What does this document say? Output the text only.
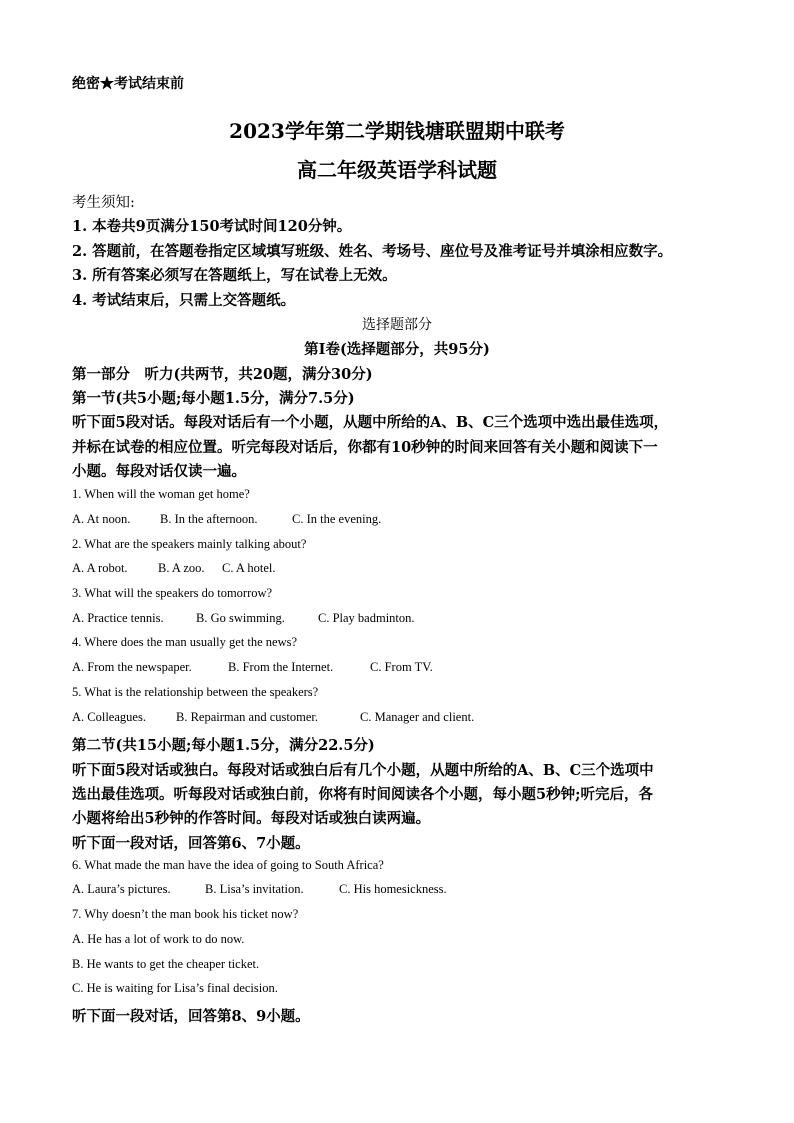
绝密★考试结束前
2023学年第二学期钱塘联盟期中联考
高二年级英语学科试题
考生须知:
1. 本卷共9页满分150考试时间120分钟。
2. 答题前，在答题卷指定区域填写班级、姓名、考场号、座位号及准考证号并填涂相应数字。
3. 所有答案必须写在答题纸上，写在试卷上无效。
4. 考试结束后，只需上交答题纸。
选择题部分
第Ⅰ卷(选择题部分，共95分)
第一部分　听力(共两节，共20题，满分30分)
第一节(共5小题;每小题1.5分，满分7.5分)
听下面5段对话。每段对话后有一个小题，从题中所给的A、B、C三个选项中选出最佳选项，
并标在试卷的相应位置。听完每段对话后，你都有10秒钟的时间来回答有关小题和阅读下一
小题。每段对话仅读一遍。
1. When will the woman get home?
A. At noon. B. In the afternoon.	C. In the evening.
2. What are the speakers mainly talking about?
A. A robot. B. A zoo. C. A hotel.
3. What will the speakers do tomorrow?
A. Practice tennis.	B. Go swimming.	C. Play badminton.
4. Where does the man usually get the news?
A. From the newspaper.	B. From the Internet.	C. From TV.
5. What is the relationship between the speakers?
A. Colleagues. B. Repairman and customer.	C. Manager and client.
第二节(共15小题;每小题1.5分，满分22.5分)
听下面5段对话或独白。每段对话或独白后有几个小题，从题中所给的A、B、C三个选项中
选出最佳选项。听每段对话或独白前，你将有时间阅读各个小题，每小题5秒钟;听完后，各
小题将给出5秒钟的作答时间。每段对话或独白读两遍。
听下面一段对话，回答第6、7小题。
6. What made the man have the idea of going to South Africa?
A. Laura’s pictures.	B. Lisa’s invitation.	C. His homesickness.
7. Why doesn’t the man book his ticket now?
A. He has a lot of work to do now.
B. He wants to get the cheaper ticket.
C. He is waiting for Lisa’s final decision.
听下面一段对话，回答第8、9小题。
